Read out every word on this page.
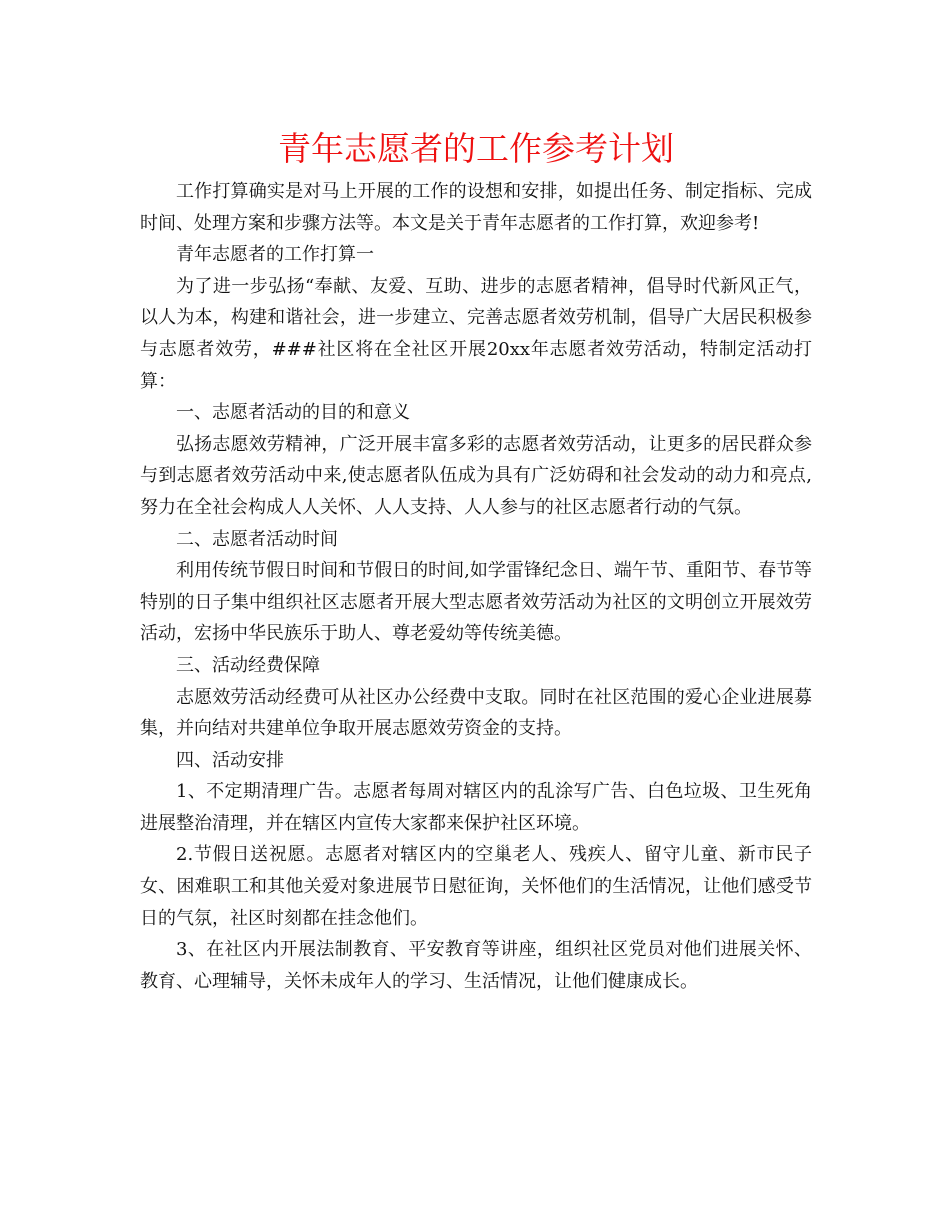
青年志愿者的工作参考计划

工作打算确实是对马上开展的工作的设想和安排，如提出任务、制定指标、完成时间、处理方案和步骤方法等。本文是关于青年志愿者的工作打算，欢迎参考!

青年志愿者的工作打算一

为了进一步弘扬“奉献、友爱、互助、进步的志愿者精神，倡导时代新风正气，以人为本，构建和谐社会，进一步建立、完善志愿者效劳机制，倡导广大居民积极参与志愿者效劳，###社区将在全社区开展20xx年志愿者效劳活动，特制定活动打算：

一、志愿者活动的目的和意义

弘扬志愿效劳精神，广泛开展丰富多彩的志愿者效劳活动，让更多的居民群众参与到志愿者效劳活动中来,使志愿者队伍成为具有广泛妨碍和社会发动的动力和亮点,努力在全社会构成人人关怀、人人支持、人人参与的社区志愿者行动的气氛。

二、志愿者活动时间

利用传统节假日时间和节假日的时间,如学雷锋纪念日、端午节、重阳节、春节等特别的日子集中组织社区志愿者开展大型志愿者效劳活动为社区的文明创立开展效劳活动，宏扬中华民族乐于助人、尊老爱幼等传统美德。

三、活动经费保障

志愿效劳活动经费可从社区办公经费中支取。同时在社区范围的爱心企业进展募集，并向结对共建单位争取开展志愿效劳资金的支持。

四、活动安排

1、不定期清理广告。志愿者每周对辖区内的乱涂写广告、白色垃圾、卫生死角进展整治清理，并在辖区内宣传大家都来保护社区环境。

2.节假日送祝愿。志愿者对辖区内的空巢老人、残疾人、留守儿童、新市民子女、困难职工和其他关爱对象进展节日慰征询，关怀他们的生活情况，让他们感受节日的气氛，社区时刻都在挂念他们。

3、在社区内开展法制教育、平安教育等讲座，组织社区党员对他们进展关怀、教育、心理辅导，关怀未成年人的学习、生活情况，让他们健康成长。
